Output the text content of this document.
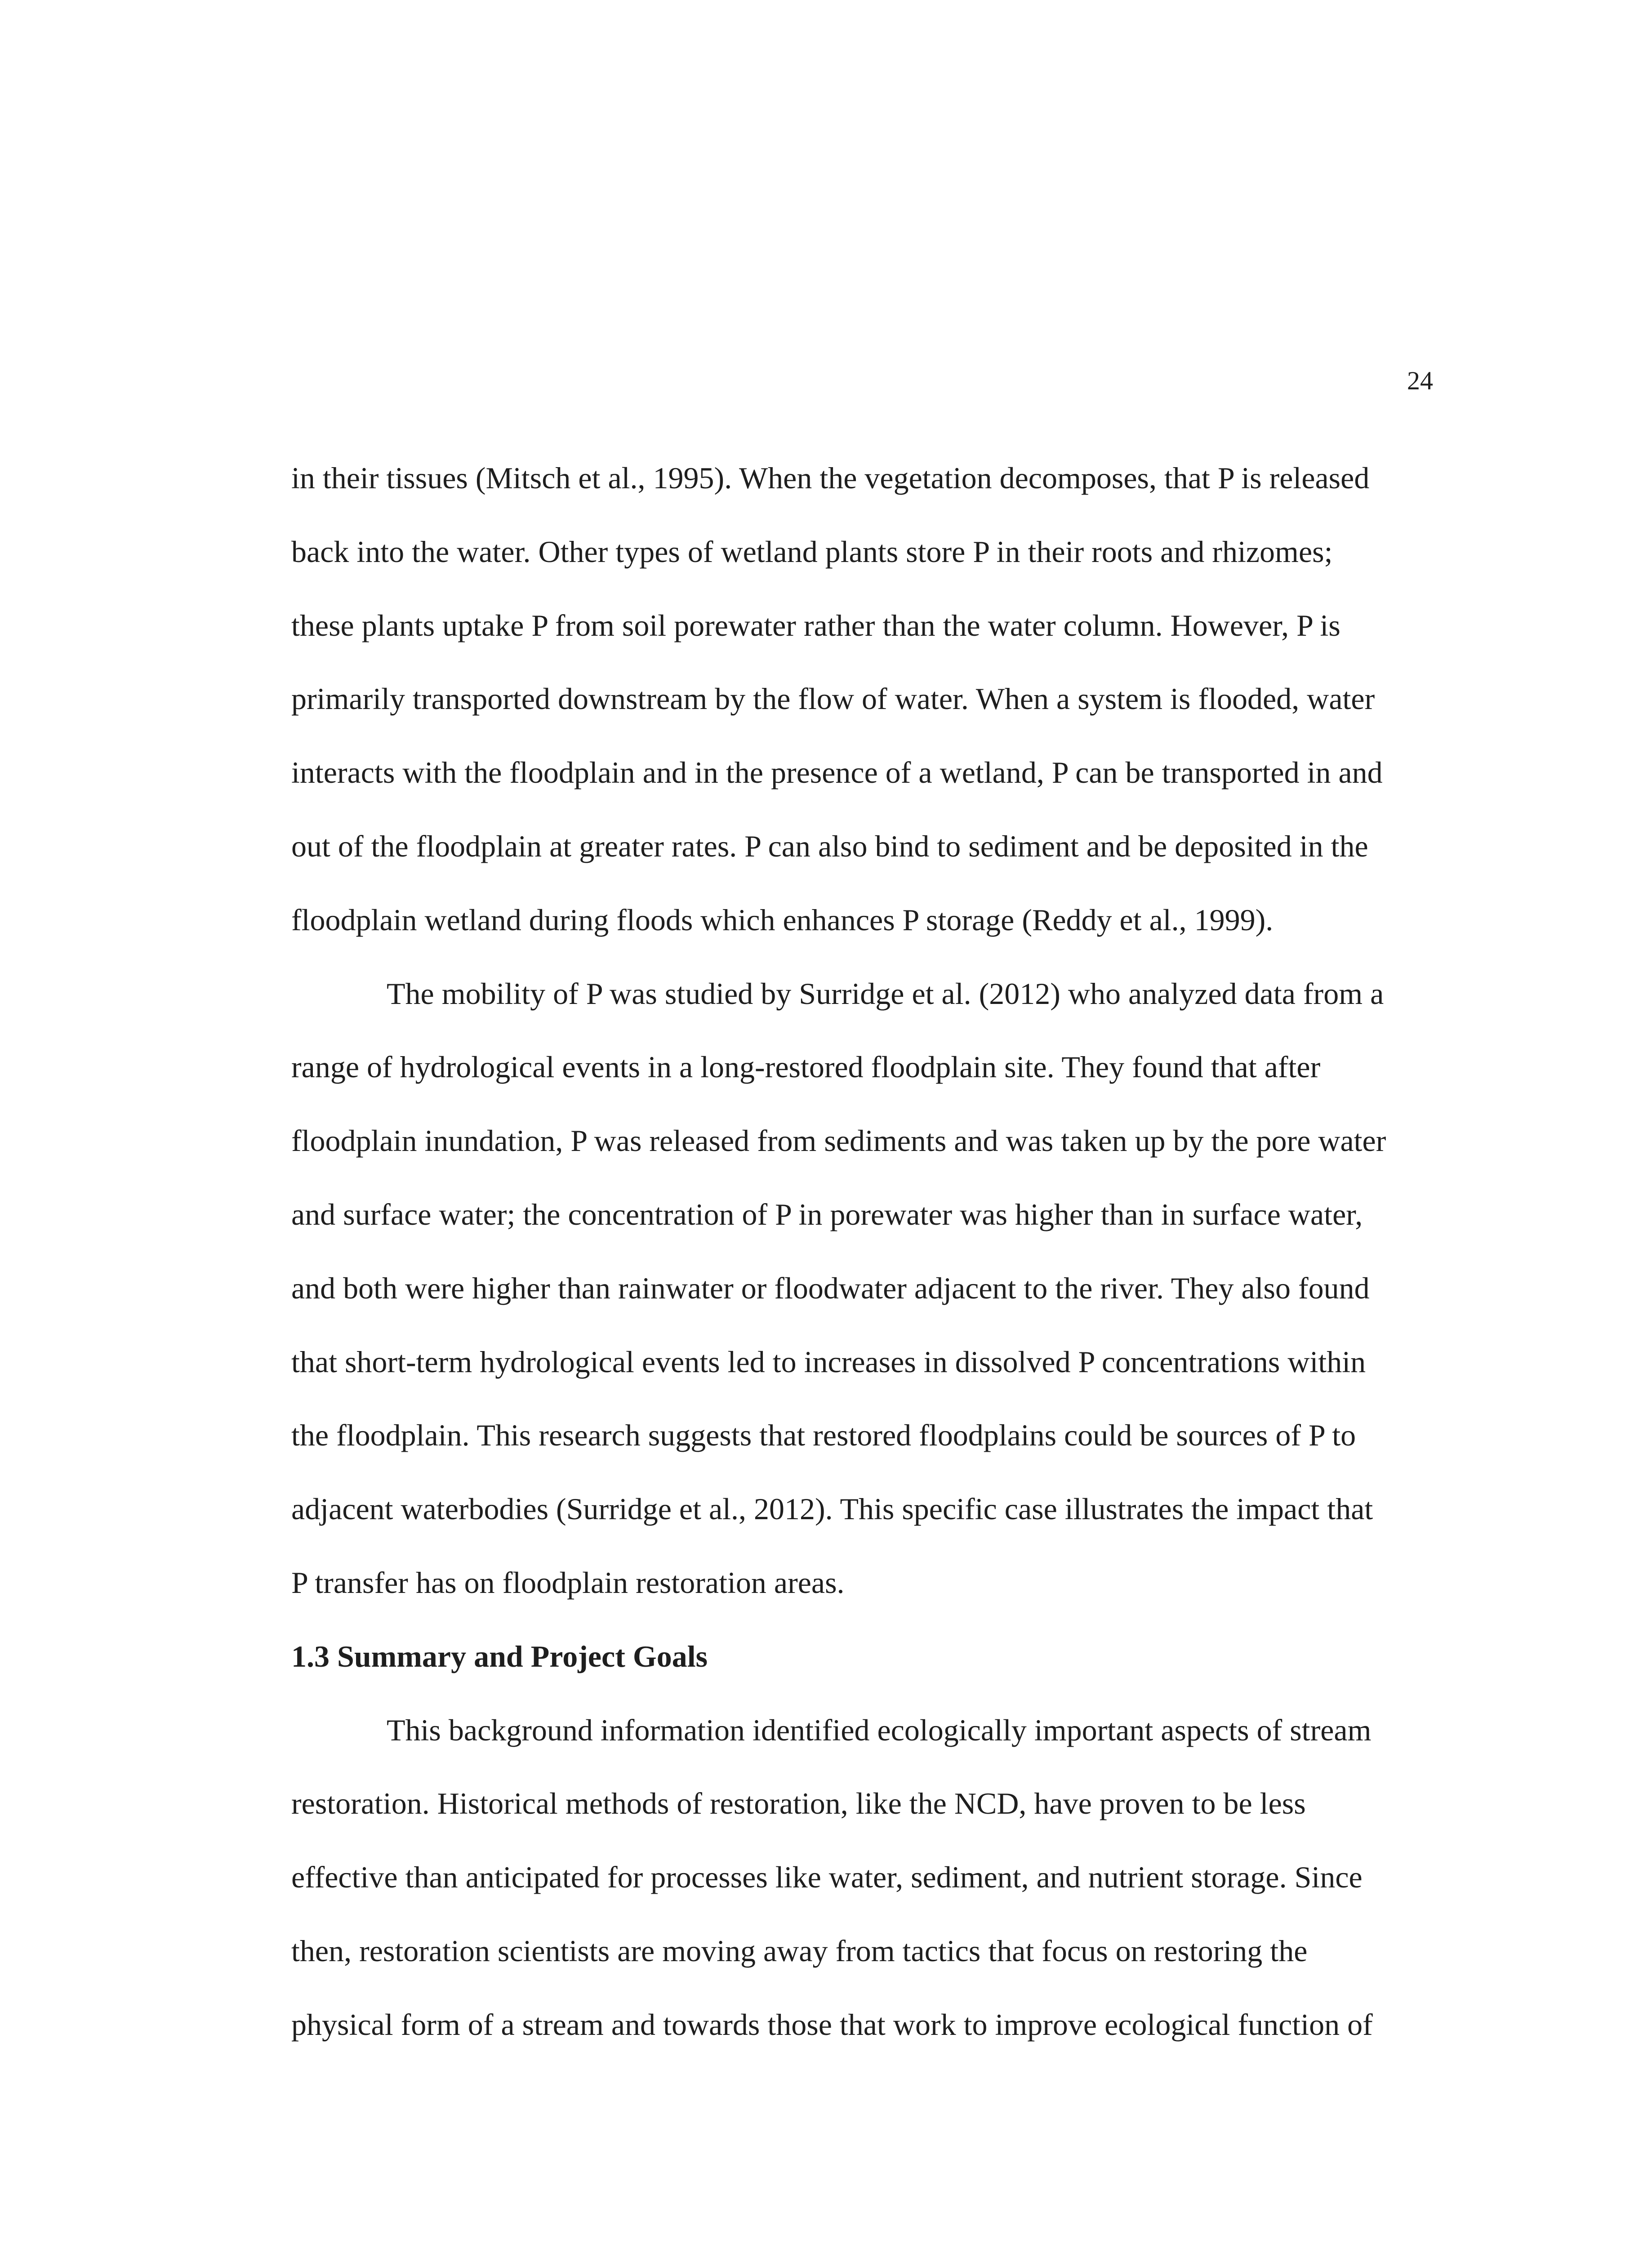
24
in their tissues (Mitsch et al., 1995). When the vegetation decomposes, that P is released
back into the water. Other types of wetland plants store P in their roots and rhizomes;
these plants uptake P from soil porewater rather than the water column. However, P is
primarily transported downstream by the flow of water. When a system is flooded, water
interacts with the floodplain and in the presence of a wetland, P can be transported in and
out of the floodplain at greater rates. P can also bind to sediment and be deposited in the
floodplain wetland during floods which enhances P storage (Reddy et al., 1999).
The mobility of P was studied by Surridge et al. (2012) who analyzed data from a
range of hydrological events in a long-restored floodplain site. They found that after
floodplain inundation, P was released from sediments and was taken up by the pore water
and surface water; the concentration of P in porewater was higher than in surface water,
and both were higher than rainwater or floodwater adjacent to the river. They also found
that short-term hydrological events led to increases in dissolved P concentrations within
the floodplain. This research suggests that restored floodplains could be sources of P to
adjacent waterbodies (Surridge et al., 2012). This specific case illustrates the impact that
P transfer has on floodplain restoration areas.
1.3 Summary and Project Goals
This background information identified ecologically important aspects of stream
restoration. Historical methods of restoration, like the NCD, have proven to be less
effective than anticipated for processes like water, sediment, and nutrient storage. Since
then, restoration scientists are moving away from tactics that focus on restoring the
physical form of a stream and towards those that work to improve ecological function of
